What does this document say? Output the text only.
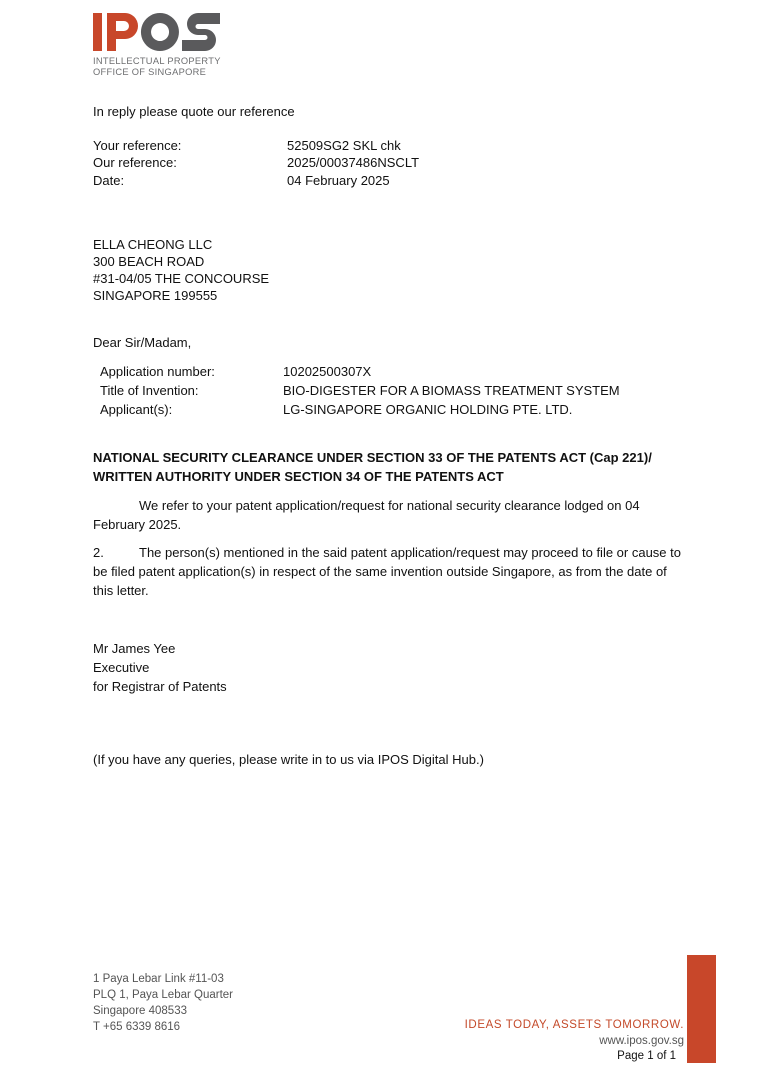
INTELLECTUAL PROPERTY
OFFICE OF SINGAPORE
In reply please quote our reference
Your reference:	52509SG2 SKL chk
Our reference:	2025/00037486NSCLT
Date:	04 February 2025
ELLA CHEONG LLC
300 BEACH ROAD
#31-04/05 THE CONCOURSE
SINGAPORE 199555
Dear Sir/Madam,
Application number:	10202500307X
Title of Invention:	BIO-DIGESTER FOR A BIOMASS TREATMENT SYSTEM
Applicant(s):	LG-SINGAPORE ORGANIC HOLDING PTE. LTD.
NATIONAL SECURITY CLEARANCE UNDER SECTION 33 OF THE PATENTS ACT (Cap 221)/ WRITTEN AUTHORITY UNDER SECTION 34 OF THE PATENTS ACT
We refer to your patent application/request for national security clearance lodged on 04 February 2025.
2.	The person(s) mentioned in the said patent application/request may proceed to file or cause to be filed patent application(s) in respect of the same invention outside Singapore, as from the date of this letter.
Mr James Yee
Executive
for Registrar of Patents
(If you have any queries, please write in to us via IPOS Digital Hub.)
1 Paya Lebar Link #11-03
PLQ 1, Paya Lebar Quarter
Singapore 408533
T +65 6339 8616	IDEAS TODAY, ASSETS TOMORROW.
www.ipos.gov.sg
Page 1 of 1
